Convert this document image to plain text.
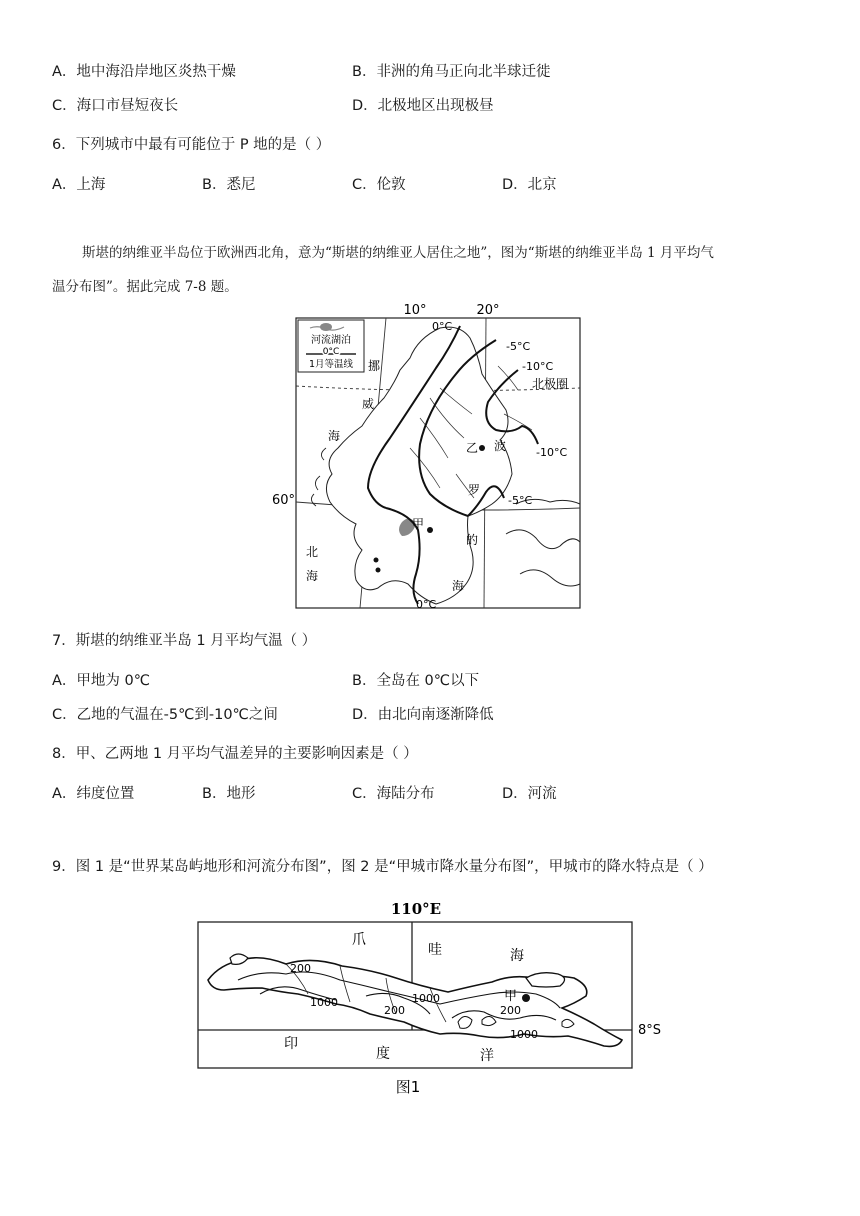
A．地中海沿岸地区炎热干燥	B．非洲的角马正向北半球迁徙
C．海口市昼短夜长	D．北极地区出现极昼
6．下列城市中最有可能位于 P 地的是（ ）
A．上海	B．悉尼	C．伦敦	D．北京
斯堪的纳维亚半岛位于欧洲西北角，意为“斯堪的纳维亚人居住之地”，图为“斯堪的纳维亚半岛 1 月平均气
温分布图”。据此完成 7-8 题。
河流湖泊
0°C
1月等温线
10°	20°
60°
0°C
-5°C
-10°C
北极圈
-10°C
-5°C
0°C
挪
威
海
波
罗
的
海
北
海
甲
乙
7．斯堪的纳维亚半岛 1 月平均气温（ ）
A．甲地为 0℃	B．全岛在 0℃以下
C．乙地的气温在-5℃到-10℃之间	D．由北向南逐渐降低
8．甲、乙两地 1 月平均气温差异的主要影响因素是（ ）
A．纬度位置	B．地形	C．海陆分布	D．河流
9．图 1 是“世界某岛屿地形和河流分布图”，图 2 是“甲城市降水量分布图”，甲城市的降水特点是（ ）
110°E
8°S
爪
哇	海
印
度	洋
甲
200
1000	1000
200	200
1000
图1
